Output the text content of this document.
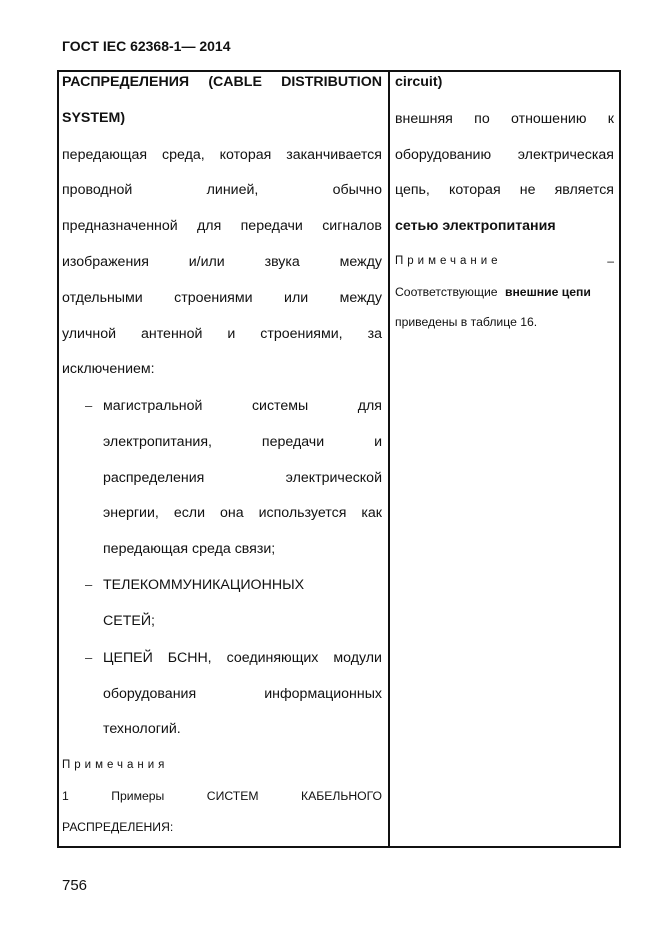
ГОСТ IEC 62368-1— 2014
РАСПРЕДЕЛЕНИЯ (CABLE DISTRIBUTION
SYSTEM)
передающая среда, которая заканчивается
проводной	линией,	обычно
предназначенной для передачи сигналов
изображения	и/или	звука	между
отдельными строениями или между
уличной антенной и строениями, за
исключением:
– магистральной	системы	для
электропитания,	передачи	и
распределения	электрической
энергии, если она используется как
передающая среда связи;
– ТЕЛЕКОММУНИКАЦИОННЫХ
СЕТЕЙ;
– ЦЕПЕЙ БСНН, соединяющих модули
оборудования	информационных
технологий.
Примечания
1	Примеры	СИСТЕМ	КАБЕЛЬНОГО
РАСПРЕДЕЛЕНИЯ:
circuit)
внешняя по отношению к
оборудованию электрическая
цепь, которая не является
сетью электропитания
Примечание	–
Соответствующие внешние цепи
приведены в таблице 16.
756
